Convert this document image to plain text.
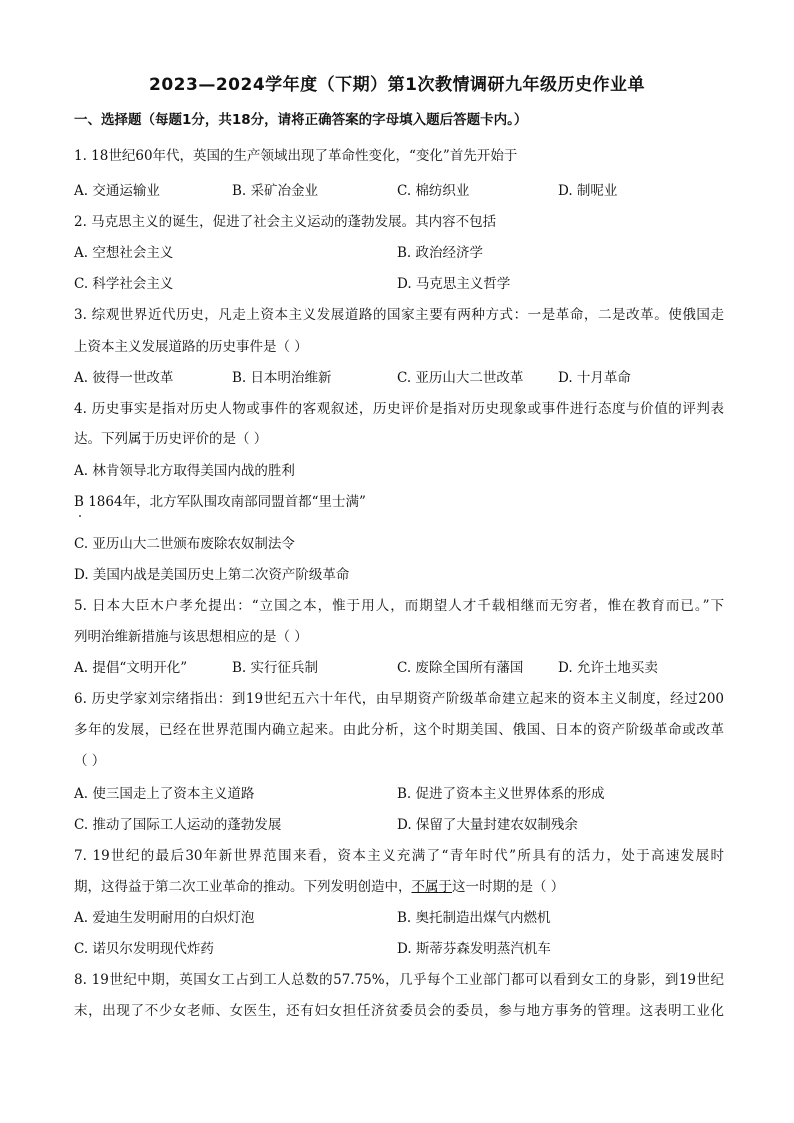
2023—2024学年度（下期）第1次教情调研九年级历史作业单
一、选择题（每题1分，共18分，请将正确答案的字母填入题后答题卡内。）
1. 18世纪60年代，英国的生产领域出现了革命性变化，“变化”首先开始于
A. 交通运输业	B. 采矿冶金业	C. 棉纺织业	D. 制呢业
2. 马克思主义的诞生，促进了社会主义运动的蓬勃发展。其内容不包括
A. 空想社会主义	B. 政治经济学
C. 科学社会主义	D. 马克思主义哲学
3. 综观世界近代历史，凡走上资本主义发展道路的国家主要有两种方式：一是革命，二是改革。使俄国走
上资本主义发展道路的历史事件是（ ）
A. 彼得一世改革	B. 日本明治维新	C. 亚历山大二世改革	D. 十月革命
4. 历史事实是指对历史人物或事件的客观叙述，历史评价是指对历史现象或事件进行态度与价值的评判表
达。下列属于历史评价的是（ ）
A. 林肯领导北方取得美国内战的胜利
B 1864年，北方军队围攻南部同盟首都“里士满”
C. 亚历山大二世颁布废除农奴制法令
D. 美国内战是美国历史上第二次资产阶级革命
5. 日本大臣木户孝允提出：“立国之本，惟于用人，而期望人才千载相继而无穷者，惟在教育而已。”下
列明治维新措施与该思想相应的是（ ）
A. 提倡“文明开化”	B. 实行征兵制	C. 废除全国所有藩国	D. 允许土地买卖
6. 历史学家刘宗绪指出：到19世纪五六十年代，由早期资产阶级革命建立起来的资本主义制度，经过200
多年的发展，已经在世界范围内确立起来。由此分析，这个时期美国、俄国、日本的资产阶级革命或改革
（ ）
A. 使三国走上了资本主义道路	B. 促进了资本主义世界体系的形成
C. 推动了国际工人运动的蓬勃发展	D. 保留了大量封建农奴制残余
7. 19世纪的最后30年新世界范围来看，资本主义充满了“青年时代”所具有的活力，处于高速发展时
期，这得益于第二次工业革命的推动。下列发明创造中，不属于这一时期的是（ ）
A. 爱迪生发明耐用的白炽灯泡	B. 奥托制造出煤气内燃机
C. 诺贝尔发明现代炸药	D. 斯蒂芬森发明蒸汽机车
8. 19世纪中期，英国女工占到工人总数的57.75%，几乎每个工业部门都可以看到女工的身影，到19世纪
末，出现了不少女老师、女医生，还有妇女担任济贫委员会的委员，参与地方事务的管理。这表明工业化
